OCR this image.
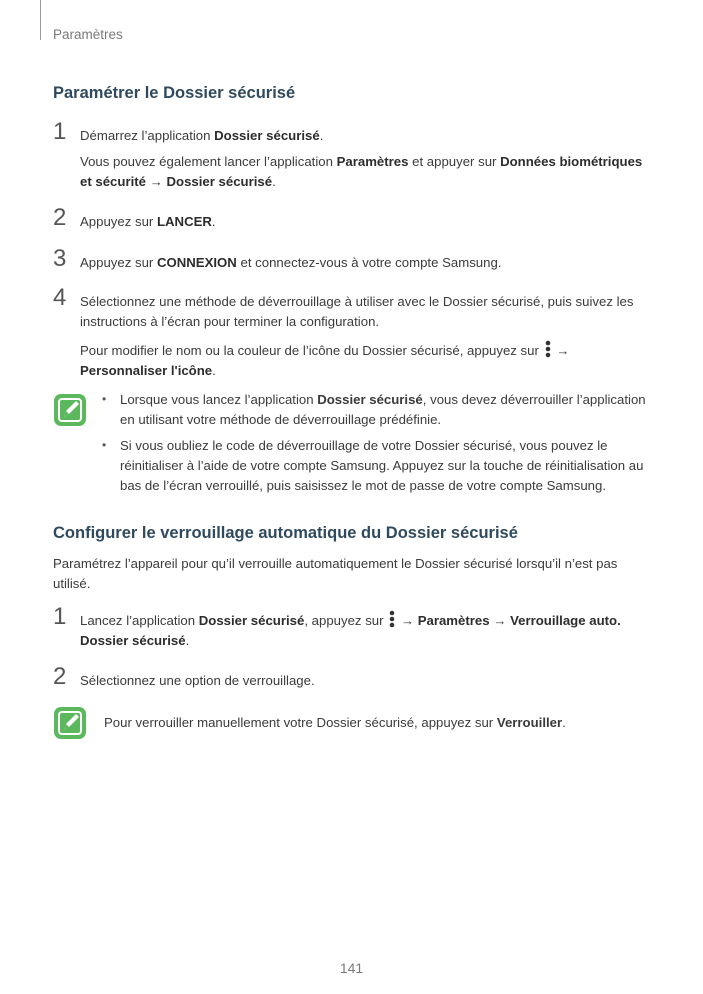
Paramètres
Paramétrer le Dossier sécurisé
1 Démarrez l’application Dossier sécurisé.
Vous pouvez également lancer l’application Paramètres et appuyer sur Données biométriques et sécurité → Dossier sécurisé.
2 Appuyez sur LANCER.
3 Appuyez sur CONNEXION et connectez-vous à votre compte Samsung.
4 Sélectionnez une méthode de déverrouillage à utiliser avec le Dossier sécurisé, puis suivez les instructions à l’écran pour terminer la configuration.
Pour modifier le nom ou la couleur de l’icône du Dossier sécurisé, appuyez sur  → Personnaliser l'icône.
• Lorsque vous lancez l’application Dossier sécurisé, vous devez déverrouiller l’application en utilisant votre méthode de déverrouillage prédéfinie.
• Si vous oubliez le code de déverrouillage de votre Dossier sécurisé, vous pouvez le réinitialiser à l’aide de votre compte Samsung. Appuyez sur la touche de réinitialisation au bas de l’écran verrouillé, puis saisissez le mot de passe de votre compte Samsung.
Configurer le verrouillage automatique du Dossier sécurisé
Paramétrez l’appareil pour qu’il verrouille automatiquement le Dossier sécurisé lorsqu’il n’est pas utilisé.
1 Lancez l’application Dossier sécurisé, appuyez sur  → Paramètres → Verrouillage auto. Dossier sécurisé.
2 Sélectionnez une option de verrouillage.
Pour verrouiller manuellement votre Dossier sécurisé, appuyez sur Verrouiller.
141
